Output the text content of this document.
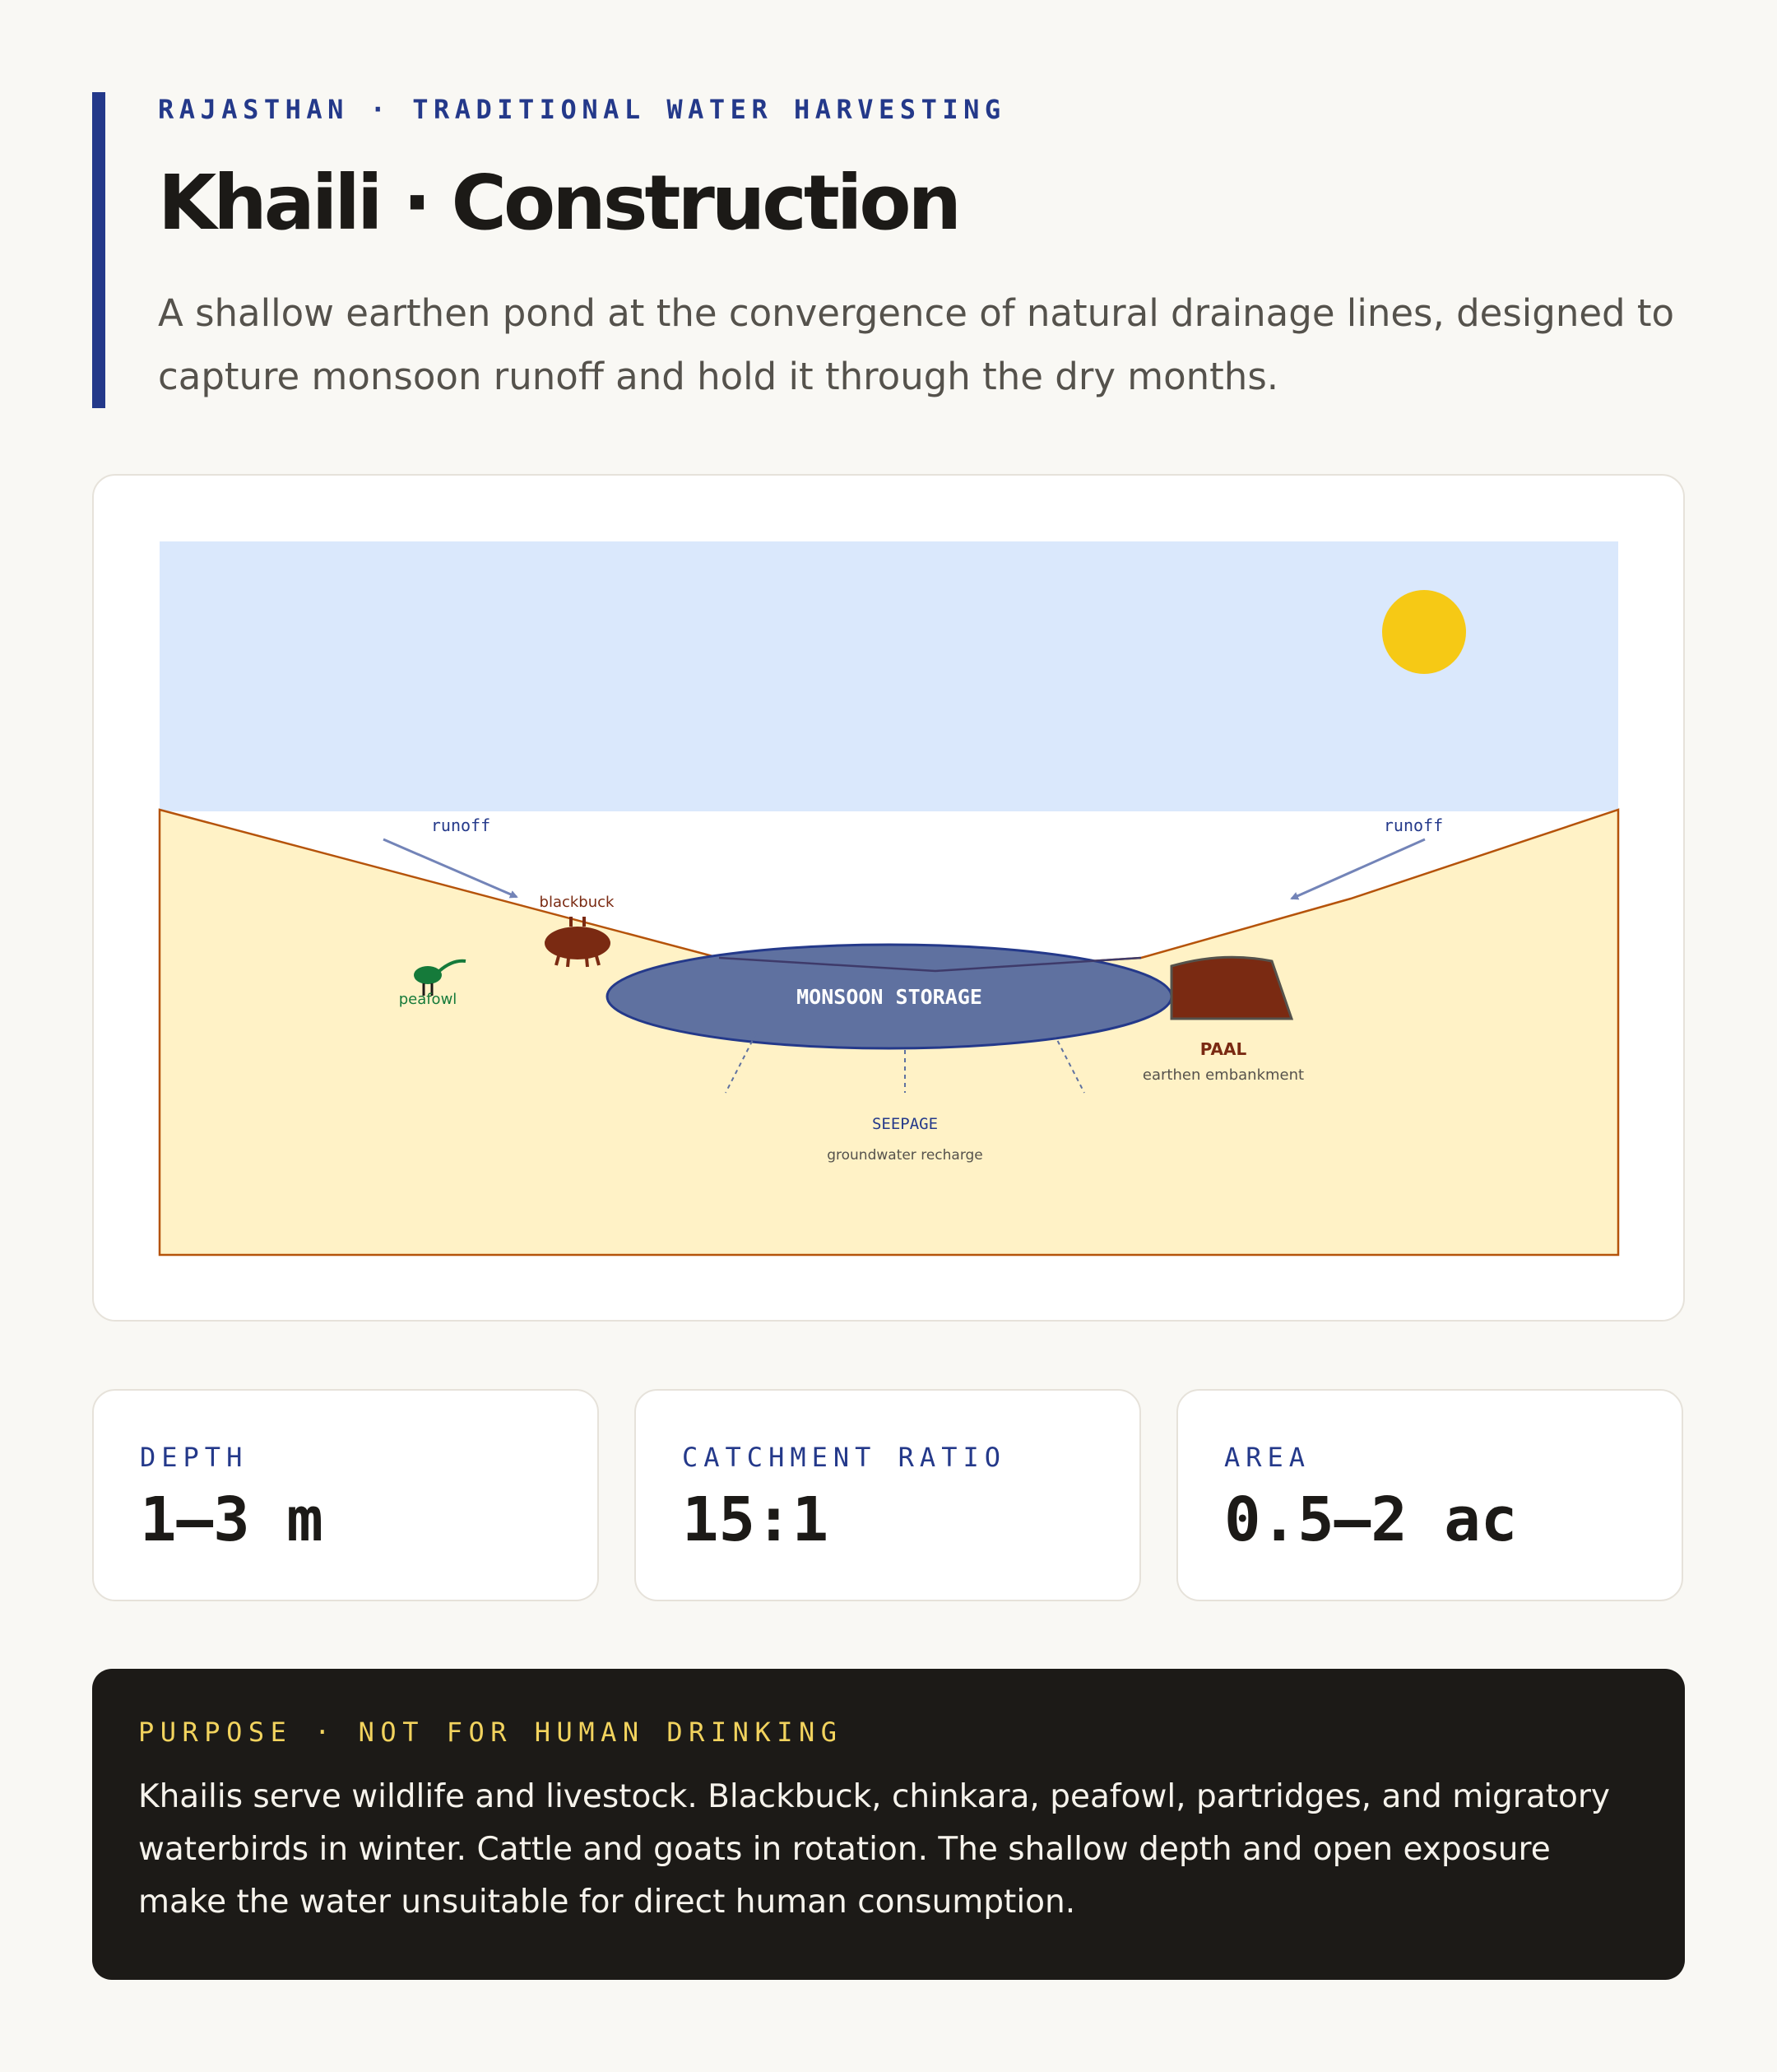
RAJASTHAN · TRADITIONAL WATER HARVESTING
Khaili · Construction

A shallow earthen pond at the convergence of natural drainage lines, designed to capture monsoon runoff and hold it through the dry months.

runoff	runoff
peafowl
blackbuck
MONSOON STORAGE
PAAL
earthen embankment
SEEPAGE
groundwater recharge
DEPTH
1–3 m
CATCHMENT RATIO
15:1
AREA
0.5–2 ac
PURPOSE · NOT FOR HUMAN DRINKING

Khailis serve wildlife and livestock. Blackbuck, chinkara, peafowl, partridges, and migratory waterbirds in winter. Cattle and goats in rotation. The shallow depth and open exposure make the water unsuitable for direct human consumption.
